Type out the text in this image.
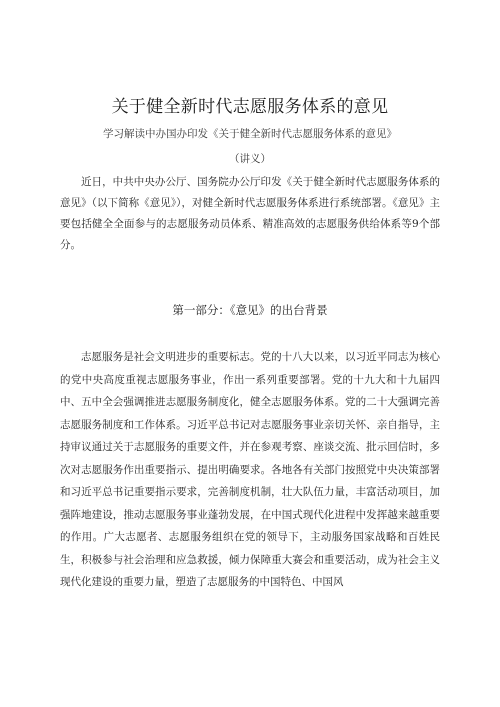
关于健全新时代志愿服务体系的意见
学习解读中办国办印发《关于健全新时代志愿服务体系的意见》
（讲义）

近日，中共中央办公厅、国务院办公厅印发《关于健全新时代志愿服务体系的意见》（以下简称《意见》），对健全新时代志愿服务体系进行系统部署。《意见》主要包括健全全面参与的志愿服务动员体系、精准高效的志愿服务供给体系等9个部分。

第一部分：《意见》的出台背景

志愿服务是社会文明进步的重要标志。党的十八大以来，以习近平同志为核心的党中央高度重视志愿服务事业，作出一系列重要部署。党的十九大和十九届四中、五中全会强调推进志愿服务制度化，健全志愿服务体系。党的二十大强调完善志愿服务制度和工作体系。习近平总书记对志愿服务事业亲切关怀、亲自指导，主持审议通过关于志愿服务的重要文件，并在参观考察、座谈交流、批示回信时，多次对志愿服务作出重要指示、提出明确要求。各地各有关部门按照党中央决策部署和习近平总书记重要指示要求，完善制度机制，壮大队伍力量，丰富活动项目，加强阵地建设，推动志愿服务事业蓬勃发展，在中国式现代化进程中发挥越来越重要的作用。广大志愿者、志愿服务组织在党的领导下，主动服务国家战略和百姓民生，积极参与社会治理和应急救援，倾力保障重大赛会和重要活动，成为社会主义现代化建设的重要力量，塑造了志愿服务的中国特色、中国风
